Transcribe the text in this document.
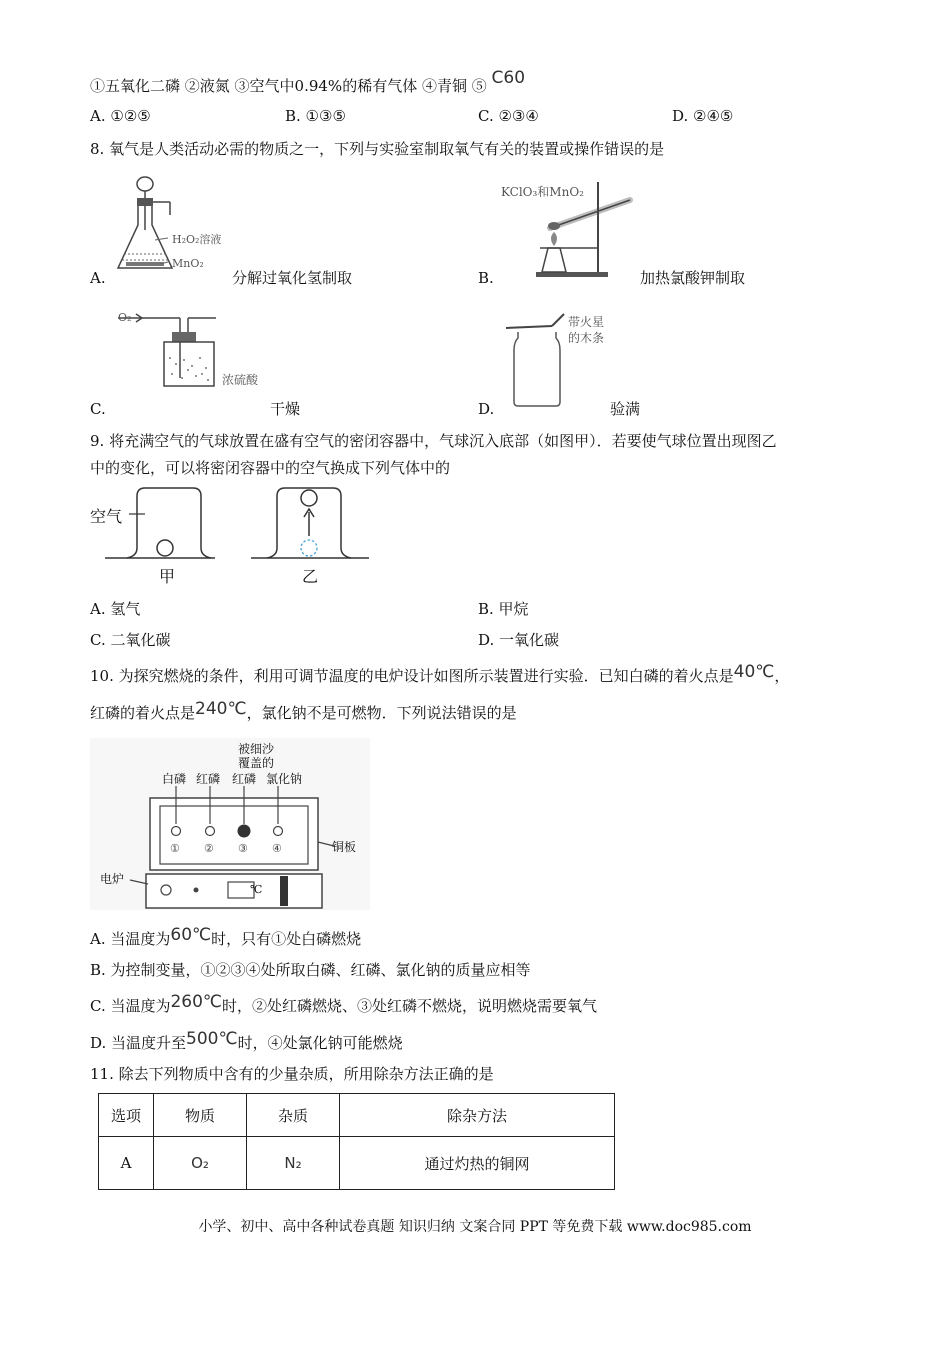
①五氧化二磷 ②液氮 ③空气中0.94%的稀有气体 ④青铜 ⑤ C60
A. ①②⑤	B. ①③⑤	C. ②③④	D. ②④⑤
8. 氧气是人类活动必需的物质之一，下列与实验室制取氧气有关的装置或操作错误的是
H₂O₂溶液
MnO₂
A.	分解过氧化氢制取
KClO₃和MnO₂
B.	加热氯酸钾制取
O₂
浓硫酸
C.	干燥
带火星
的木条
D.	验满
9. 将充满空气的气球放置在盛有空气的密闭容器中，气球沉入底部（如图甲）．若要使气球位置出现图乙
中的变化，可以将密闭容器中的空气换成下列气体中的
空气
甲	乙
A. 氢气	B. 甲烷
C. 二氧化碳	D. 一氧化碳
10. 为探究燃烧的条件，利用可调节温度的电炉设计如图所示装置进行实验．已知白磷的着火点是40℃，
红磷的着火点是240℃，氯化钠不是可燃物．下列说法错误的是
被细沙
覆盖的
白磷 红磷 红磷 氯化钠
① ② ③ ④	铜板
电炉
℃
A. 当温度为60℃时，只有①处白磷燃烧
B. 为控制变量，①②③④处所取白磷、红磷、氯化钠的质量应相等
C. 当温度为260℃时，②处红磷燃烧、③处红磷不燃烧，说明燃烧需要氧气
D. 当温度升至500℃时，④处氯化钠可能燃烧
11. 除去下列物质中含有的少量杂质，所用除杂方法正确的是
选项	物质	杂质	除杂方法
A	O₂	N₂	通过灼热的铜网
小学、初中、高中各种试卷真题 知识归纳 文案合同 PPT 等免费下载 www.doc985.com
